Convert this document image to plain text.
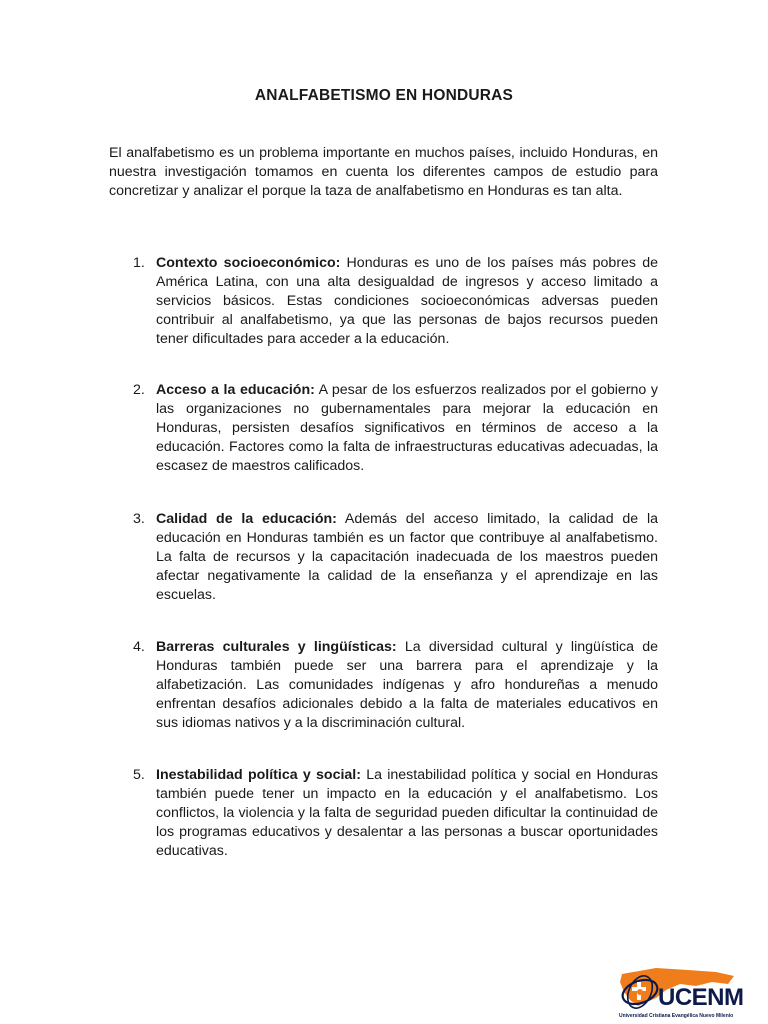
ANALFABETISMO EN HONDURAS
El analfabetismo es un problema importante en muchos países, incluido Honduras, en nuestra investigación tomamos en cuenta los diferentes campos de estudio para concretizar y analizar el porque la taza de analfabetismo en Honduras es tan alta.
1. Contexto socioeconómico: Honduras es uno de los países más pobres de América Latina, con una alta desigualdad de ingresos y acceso limitado a servicios básicos. Estas condiciones socioeconómicas adversas pueden contribuir al analfabetismo, ya que las personas de bajos recursos pueden tener dificultades para acceder a la educación.
2. Acceso a la educación: A pesar de los esfuerzos realizados por el gobierno y las organizaciones no gubernamentales para mejorar la educación en Honduras, persisten desafíos significativos en términos de acceso a la educación. Factores como la falta de infraestructuras educativas adecuadas, la escasez de maestros calificados.
3. Calidad de la educación: Además del acceso limitado, la calidad de la educación en Honduras también es un factor que contribuye al analfabetismo. La falta de recursos y la capacitación inadecuada de los maestros pueden afectar negativamente la calidad de la enseñanza y el aprendizaje en las escuelas.
4. Barreras culturales y lingüísticas: La diversidad cultural y lingüística de Honduras también puede ser una barrera para el aprendizaje y la alfabetización. Las comunidades indígenas y afro hondureñas a menudo enfrentan desafíos adicionales debido a la falta de materiales educativos en sus idiomas nativos y a la discriminación cultural.
5. Inestabilidad política y social: La inestabilidad política y social en Honduras también puede tener un impacto en la educación y el analfabetismo. Los conflictos, la violencia y la falta de seguridad pueden dificultar la continuidad de los programas educativos y desalentar a las personas a buscar oportunidades educativas.
UCENM
Universidad Cristiana Evangélica Nuevo Milenio
